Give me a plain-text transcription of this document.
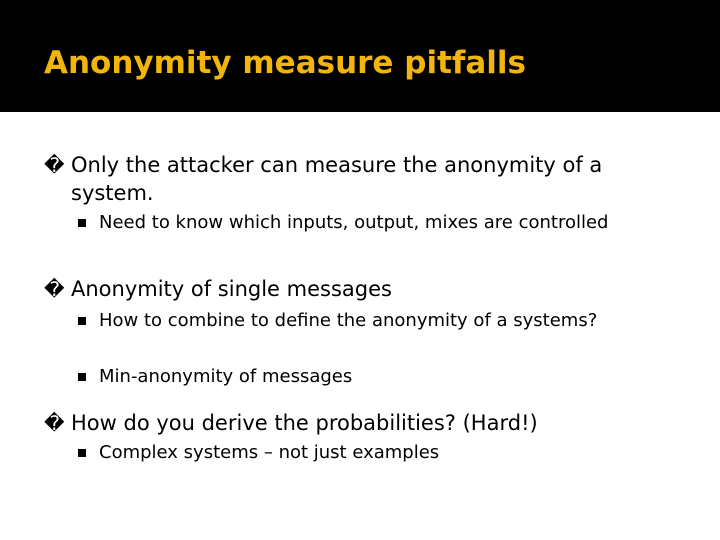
Anonymity measure pitfalls
� Only the attacker can measure the anonymity of a system.
Need to know which inputs, output, mixes are controlled
� Anonymity of single messages
How to combine to define the anonymity of a systems?
Min-anonymity of messages
� How do you derive the probabilities? (Hard!)
Complex systems – not just examples
